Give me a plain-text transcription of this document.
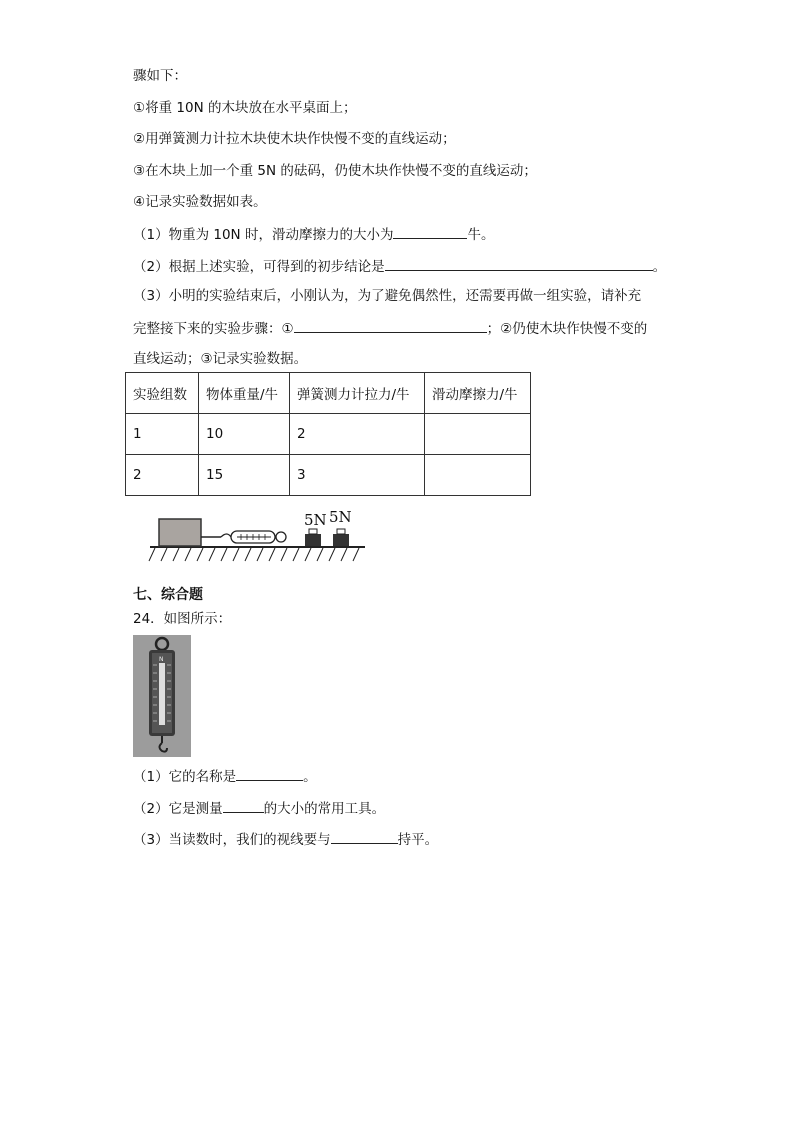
骤如下：
①将重 10N 的木块放在水平桌面上；
②用弹簧测力计拉木块使木块作快慢不变的直线运动；
③在木块上加一个重 5N 的砝码，仍使木块作快慢不变的直线运动；
④记录实验数据如表。
（1）物重为 10N 时，滑动摩擦力的大小为	牛。
（2）根据上述实验，可得到的初步结论是	。
（3）小明的实验结束后，小刚认为，为了避免偶然性，还需要再做一组实验，请补充
完整接下来的实验步骤：①	；②仍使木块作快慢不变的
直线运动；③记录实验数据。
实验组数	物体重量/牛	弹簧测力计拉力/牛	滑动摩擦力/牛
1	10	2	
2	15	3	
5N 5N
七、综合题
24．如图所示：
N
（1）它的名称是	。
（2）它是测量	的大小的常用工具。
（3）当读数时，我们的视线要与	持平。
